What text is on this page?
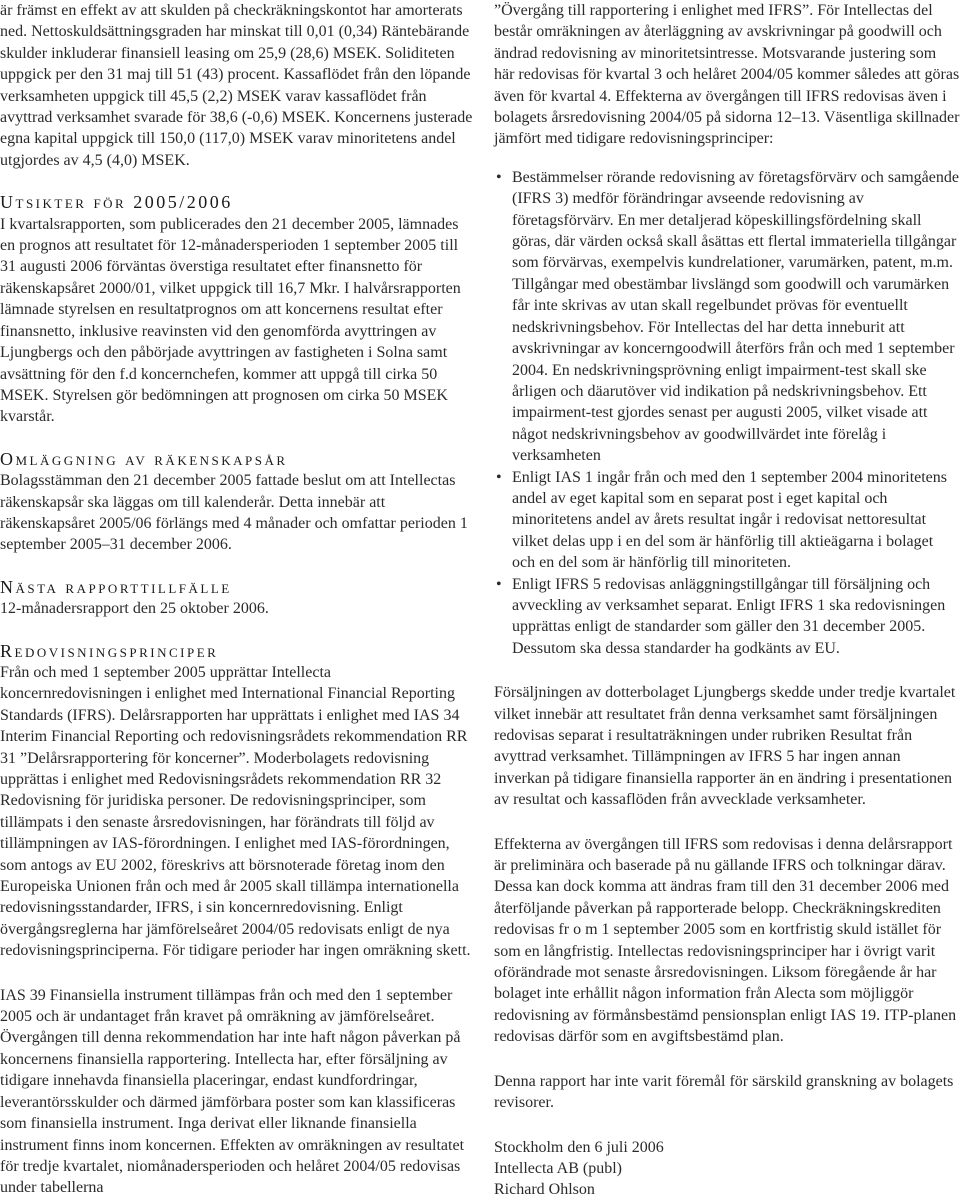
är främst en effekt av att skulden på checkräkningskontot har amorterats ned. Nettoskuldsättningsgraden har minskat till 0,01 (0,34) Räntebärande skulder inkluderar finansiell leasing om 25,9 (28,6) MSEK. Soliditeten uppgick per den 31 maj till 51 (43) procent. Kassaflödet från den löpande verksamheten uppgick till 45,5 (2,2) MSEK varav kassaflödet från avyttrad verksamhet svarade för 38,6 (-0,6) MSEK. Koncernens justerade egna kapital uppgick till 150,0 (117,0) MSEK varav minoritetens andel utgjordes av 4,5 (4,0) MSEK.

Utsikter för 2005/2006

I kvartalsrapporten, som publicerades den 21 december 2005, lämnades en prognos att resultatet för 12-månadersperioden 1 september 2005 till 31 augusti 2006 förväntas överstiga resultatet efter finansnetto för räkenskapsåret 2000/01, vilket uppgick till 16,7 Mkr. I halvårsrapporten lämnade styrelsen en resultatprognos om att koncernens resultat efter finansnetto, inklusive reavinsten vid den genomförda avyttringen av Ljungbergs och den påbörjade avyttringen av fastigheten i Solna samt avsättning för den f.d koncernchefen, kommer att uppgå till cirka 50 MSEK. Styrelsen gör bedömningen att prognosen om cirka 50 MSEK kvarstår.

Omläggning av räkenskapsår

Bolagsstämman den 21 december 2005 fattade beslut om att Intellectas räkenskapsår ska läggas om till kalenderår. Detta innebär att räkenskapsåret 2005/06 förlängs med 4 månader och omfattar perioden 1 september 2005–31 december 2006.

Nästa rapporttillfälle

12-månadersrapport den 25 oktober 2006.

Redovisningsprinciper

Från och med 1 september 2005 upprättar Intellecta koncernredovisningen i enlighet med International Financial Reporting Standards (IFRS). Delårsrapporten har upprättats i enlighet med IAS 34 Interim Financial Reporting och redovisningsrådets rekommendation RR 31 ”Delårsrapportering för koncerner”. Moderbolagets redovisning upprättas i enlighet med Redovisningsrådets rekommendation RR 32 Redovisning för juridiska personer. De redovisningsprinciper, som tillämpats i den senaste årsredovisningen, har förändrats till följd av tillämpningen av IAS-förordningen. I enlighet med IAS-förordningen, som antogs av EU 2002, föreskrivs att börsnoterade företag inom den Europeiska Unionen från och med år 2005 skall tillämpa internationella redovisningsstandarder, IFRS, i sin koncernredovisning. Enligt övergångsreglerna har jämförelseåret 2004/05 redovisats enligt de nya redovisningsprinciperna. För tidigare perioder har ingen omräkning skett.

IAS 39 Finansiella instrument tillämpas från och med den 1 september 2005 och är undantaget från kravet på omräkning av jämförelseåret. Övergången till denna rekommendation har inte haft någon påverkan på koncernens finansiella rapportering. Intellecta har, efter försäljning av tidigare innehavda finansiella placeringar, endast kundfordringar, leverantörsskulder och därmed jämförbara poster som kan klassificeras som finansiella instrument. Inga derivat eller liknande finansiella instrument finns inom koncernen. Effekten av omräkningen av resultatet för tredje kvartalet, niomånadersperioden och helåret 2004/05 redovisas under tabellerna

”Övergång till rapportering i enlighet med IFRS”. För Intellectas del består omräkningen av återläggning av avskrivningar på goodwill och ändrad redovisning av minoritetsintresse. Motsvarande justering som här redovisas för kvartal 3 och helåret 2004/05 kommer således att göras även för kvartal 4. Effekterna av övergången till IFRS redovisas även i bolagets årsredovisning 2004/05 på sidorna 12–13. Väsentliga skillnader jämfört med tidigare redovisningsprinciper:

• Bestämmelser rörande redovisning av företagsförvärv och samgående (IFRS 3) medför förändringar avseende redovisning av företagsförvärv. En mer detaljerad köpeskillingsfördelning skall göras, där värden också skall åsättas ett flertal immateriella tillgångar som förvärvas, exempelvis kundrelationer, varumärken, patent, m.m. Tillgångar med obestämbar livslängd som goodwill och varumärken får inte skrivas av utan skall regelbundet prövas för eventuellt nedskrivningsbehov. För Intellectas del har detta inneburit att avskrivningar av koncerngoodwill återförs från och med 1 september 2004. En nedskrivningsprövning enligt impairment-test skall ske årligen och däarutöver vid indikation på nedskrivningsbehov. Ett impairment-test gjordes senast per augusti 2005, vilket visade att något nedskrivningsbehov av goodwillvärdet inte förelåg i verksamheten
• Enligt IAS 1 ingår från och med den 1 september 2004 minoritetens andel av eget kapital som en separat post i eget kapital och minoritetens andel av årets resultat ingår i redovisat nettoresultat vilket delas upp i en del som är hänförlig till aktieägarna i bolaget och en del som är hänförlig till minoriteten.
• Enligt IFRS 5 redovisas anläggningstillgångar till försäljning och avveckling av verksamhet separat. Enligt IFRS 1 ska redovisningen upprättas enligt de standarder som gäller den 31 december 2005. Dessutom ska dessa standarder ha godkänts av EU.

Försäljningen av dotterbolaget Ljungbergs skedde under tredje kvartalet vilket innebär att resultatet från denna verksamhet samt försäljningen redovisas separat i resultaträkningen under rubriken Resultat från avyttrad verksamhet. Tillämpningen av IFRS 5 har ingen annan inverkan på tidigare finansiella rapporter än en ändring i presentationen av resultat och kassaflöden från avvecklade verksamheter.

Effekterna av övergången till IFRS som redovisas i denna delårsrapport är preliminära och baserade på nu gällande IFRS och tolkningar därav. Dessa kan dock komma att ändras fram till den 31 december 2006 med återföljande påverkan på rapporterade belopp. Checkräkningskrediten redovisas fr o m 1 september 2005 som en kortfristig skuld istället för som en långfristig. Intellectas redovisningsprinciper har i övrigt varit oförändrade mot senaste årsredovisningen. Liksom föregående år har bolaget inte erhållit någon information från Alecta som möjliggör redovisning av förmånsbestämd pensionsplan enligt IAS 19. ITP-planen redovisas därför som en avgiftsbestämd plan.

Denna rapport har inte varit föremål för särskild granskning av bolagets revisorer.

Stockholm den 6 juli 2006

Intellecta AB (publ)

Richard Ohlson
